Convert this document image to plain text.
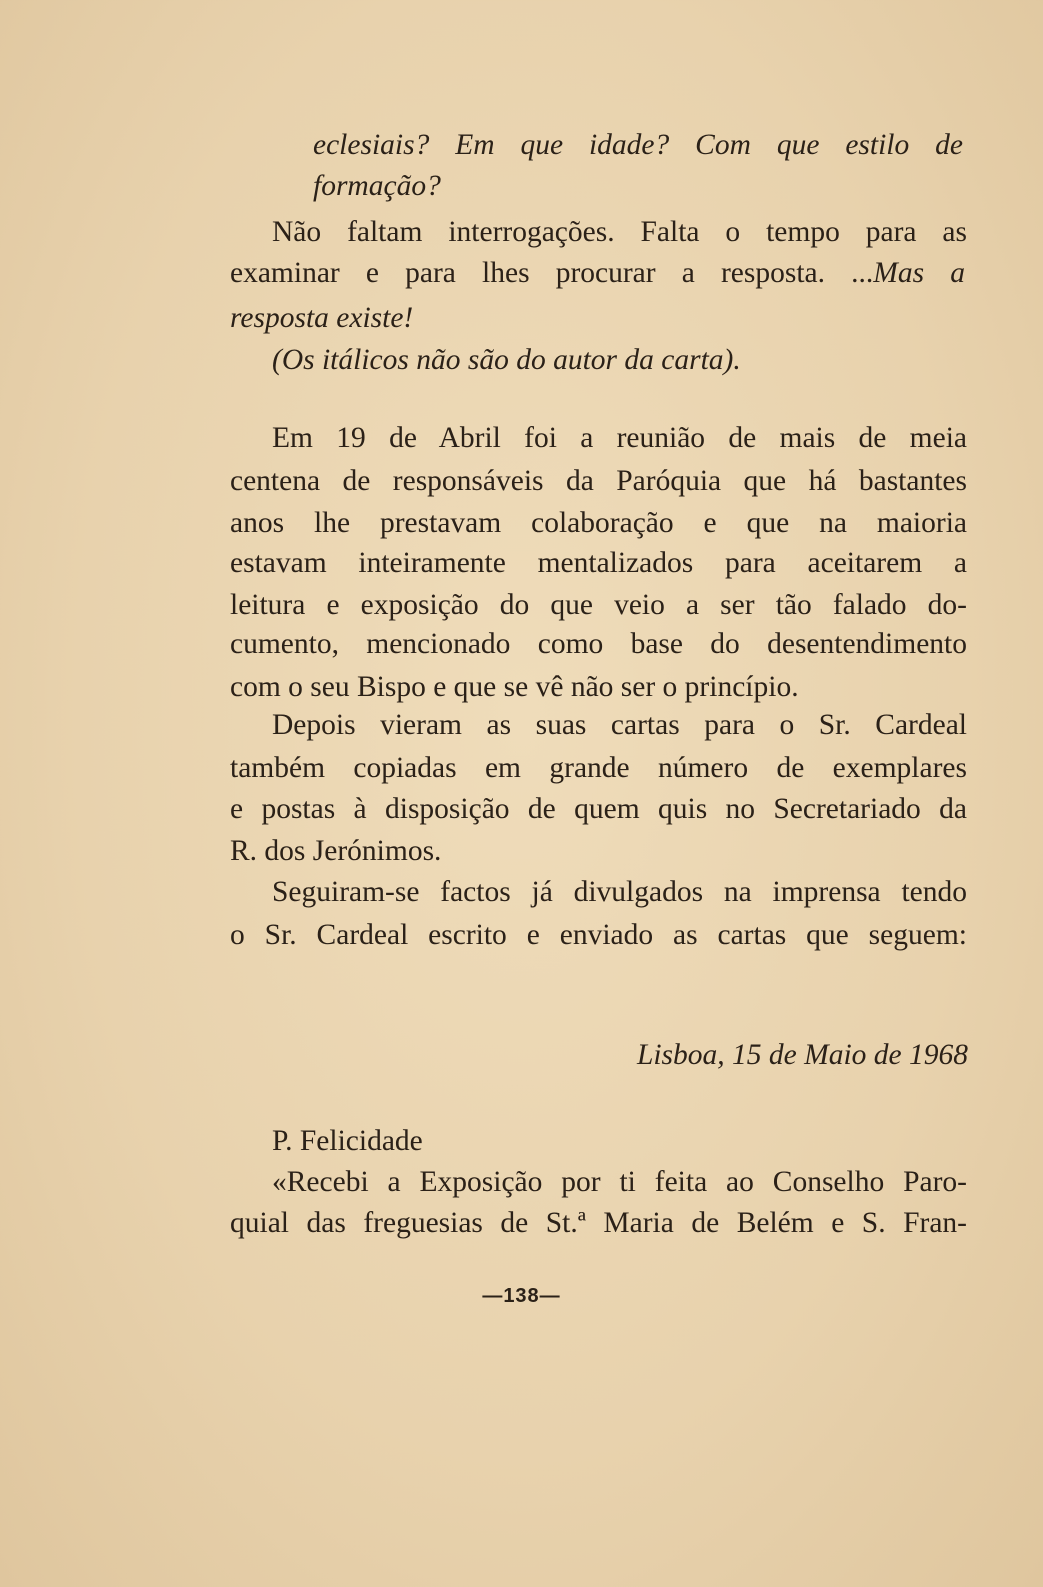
eclesiais? Em que idade? Com que estilo de

formação?

Não faltam interrogações. Falta o tempo para as

examinar e para lhes procurar a resposta. ...Mas a

resposta existe!

(Os itálicos não são do autor da carta).

Em 19 de Abril foi a reunião de mais de meia

centena de responsáveis da Paróquia que há bastantes

anos lhe prestavam colaboração e que na maioria

estavam inteiramente mentalizados para aceitarem a

leitura e exposição do que veio a ser tão falado do-

cumento, mencionado como base do desentendimento

com o seu Bispo e que se vê não ser o princípio.

Depois vieram as suas cartas para o Sr. Cardeal

também copiadas em grande número de exemplares

e postas à disposição de quem quis no Secretariado da

R. dos Jerónimos.

Seguiram-se factos já divulgados na imprensa tendo

o Sr. Cardeal escrito e enviado as cartas que seguem:

Lisboa, 15 de Maio de 1968

P. Felicidade

«Recebi a Exposição por ti feita ao Conselho Paro-

quial das freguesias de St.ª Maria de Belém e S. Fran-

—138—
